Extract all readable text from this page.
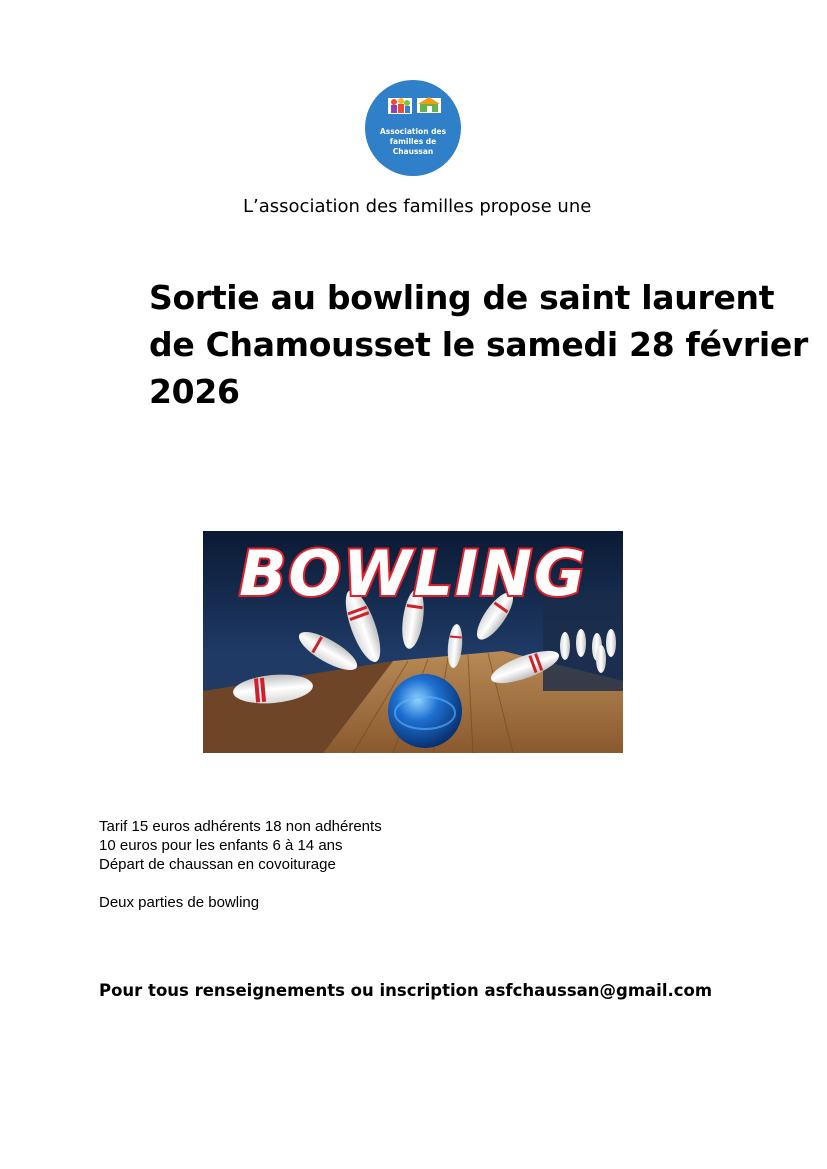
Association des
familles de
Chaussan
L’association des familles propose une
Sortie au bowling de saint laurent
de Chamousset le samedi 28 février
2026
BOWLING
Tarif 15 euros adhérents 18 non adhérents
10 euros pour les enfants 6 à 14 ans
Départ de chaussan en covoiturage
Deux parties de bowling
Pour tous renseignements ou inscription asfchaussan@gmail.com
